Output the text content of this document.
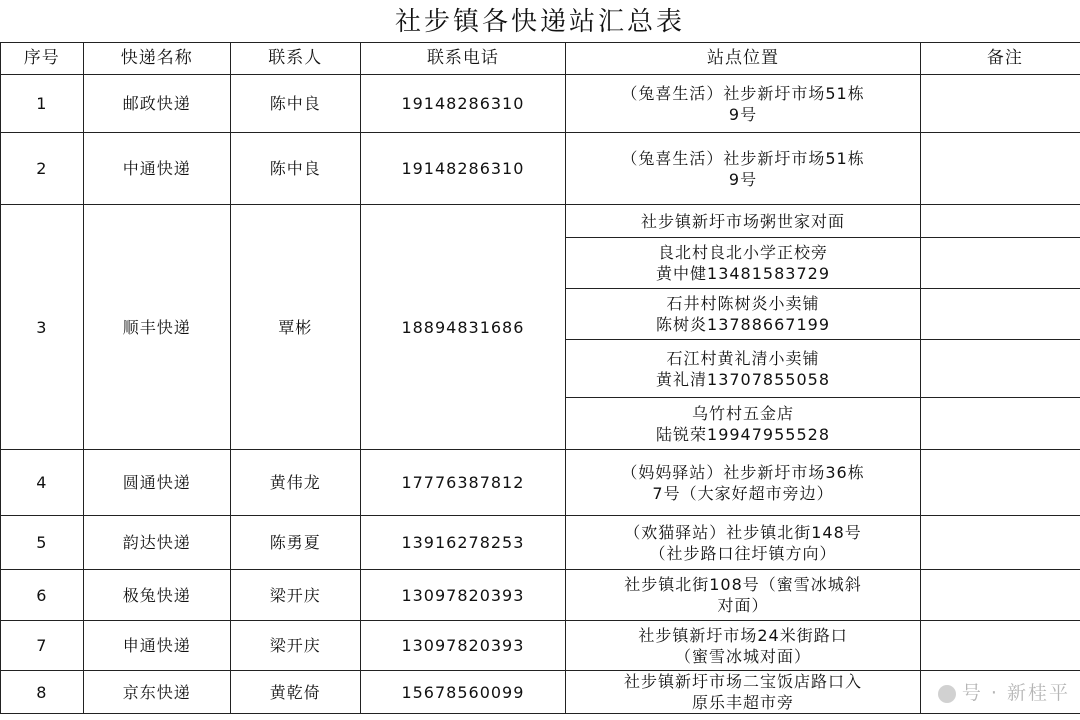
社步镇各快递站汇总表
序号	快递名称	联系人	联系电话	站点位置	备注
1	邮政快递	陈中良	19148286310	（兔喜生活）社步新圩市场51栋
9号	
2	中通快递	陈中良	19148286310	（兔喜生活）社步新圩市场51栋
9号	
3	顺丰快递	覃彬	18894831686	社步镇新圩市场粥世家对面	
				良北村良北小学正校旁
黄中健13481583729	
				石井村陈树炎小卖铺
陈树炎13788667199	
				石江村黄礼清小卖铺
黄礼清13707855058	
				乌竹村五金店
陆锐荣19947955528	
4	圆通快递	黄伟龙	17776387812	（妈妈驿站）社步新圩市场36栋
7号（大家好超市旁边）	
5	韵达快递	陈勇夏	13916278253	（欢猫驿站）社步镇北街148号
（社步路口往圩镇方向）	
6	极兔快递	梁开庆	13097820393	社步镇北街108号（蜜雪冰城斜
对面）	
7	申通快递	梁开庆	13097820393	社步镇新圩市场24米街路口
（蜜雪冰城对面）	
8	京东快递	黄乾倚	15678560099	社步镇新圩市场二宝饭店路口入
原乐丰超市旁		号 · 新桂平
